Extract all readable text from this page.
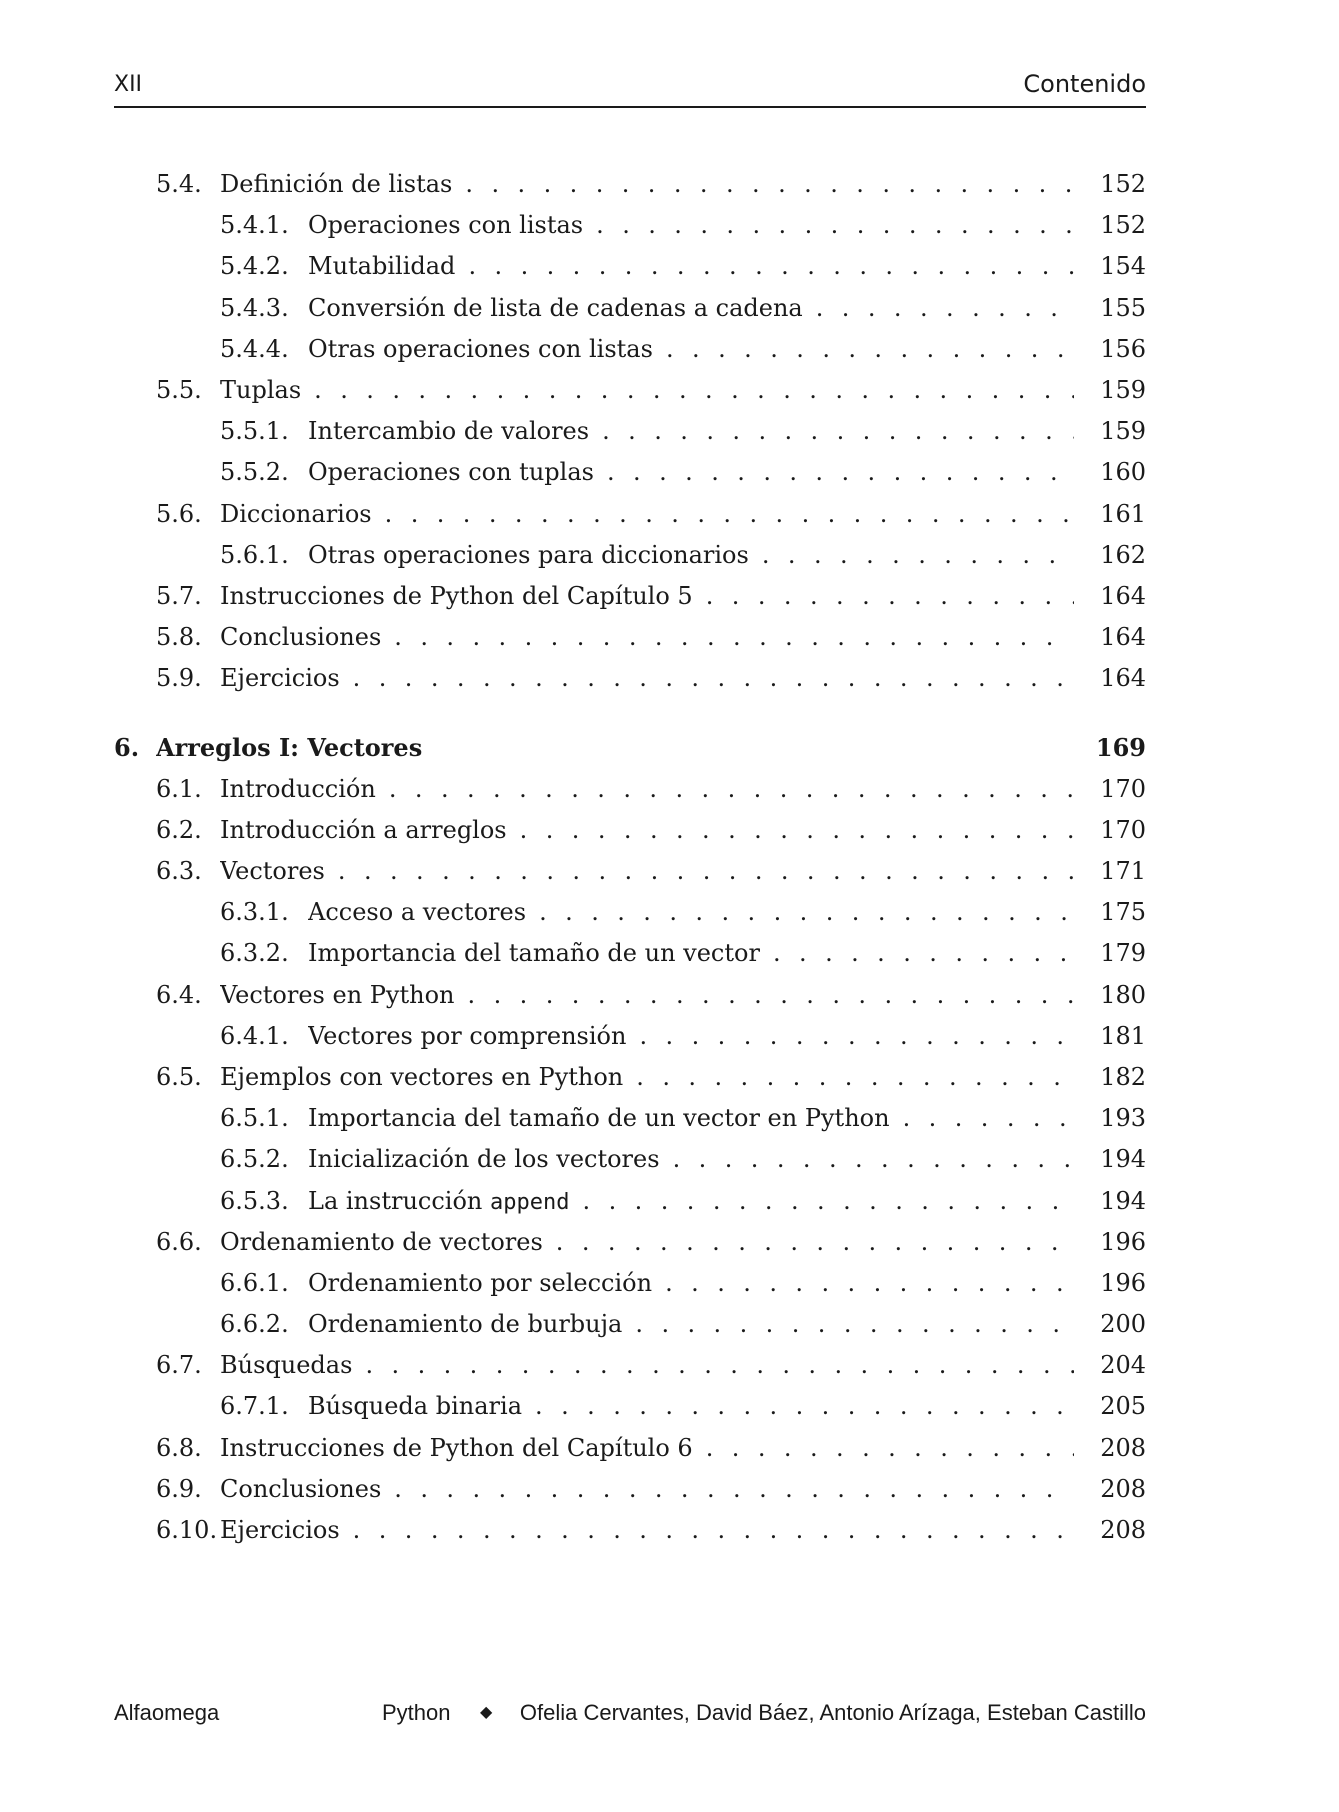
XII	Contenido
5.4. Definición de listas . . .	152
5.4.1. Operaciones con listas . . .	152
5.4.2. Mutabilidad . . .	154
5.4.3. Conversión de lista de cadenas a cadena . . .	155
5.4.4. Otras operaciones con listas . . .	156
5.5. Tuplas . . .	159
5.5.1. Intercambio de valores . . .	159
5.5.2. Operaciones con tuplas . . .	160
5.6. Diccionarios . . .	161
5.6.1. Otras operaciones para diccionarios . . .	162
5.7. Instrucciones de Python del Capítulo 5 . . .	164
5.8. Conclusiones . . .	164
5.9. Ejercicios . . .	164
6. Arreglos I: Vectores	169
6.1. Introducción . . .	170
6.2. Introducción a arreglos . . .	170
6.3. Vectores . . .	171
6.3.1. Acceso a vectores . . .	175
6.3.2. Importancia del tamaño de un vector . . .	179
6.4. Vectores en Python . . .	180
6.4.1. Vectores por comprensión . . .	181
6.5. Ejemplos con vectores en Python . . .	182
6.5.1. Importancia del tamaño de un vector en Python . . .	193
6.5.2. Inicialización de los vectores . . .	194
6.5.3. La instrucción append . . .	194
6.6. Ordenamiento de vectores . . .	196
6.6.1. Ordenamiento por selección . . .	196
6.6.2. Ordenamiento de burbuja . . .	200
6.7. Búsquedas . . .	204
6.7.1. Búsqueda binaria . . .	205
6.8. Instrucciones de Python del Capítulo 6 . . .	208
6.9. Conclusiones . . .	208
6.10. Ejercicios . . .	208
Alfaomega	Python ◆ Ofelia Cervantes, David Báez, Antonio Arízaga, Esteban Castillo
